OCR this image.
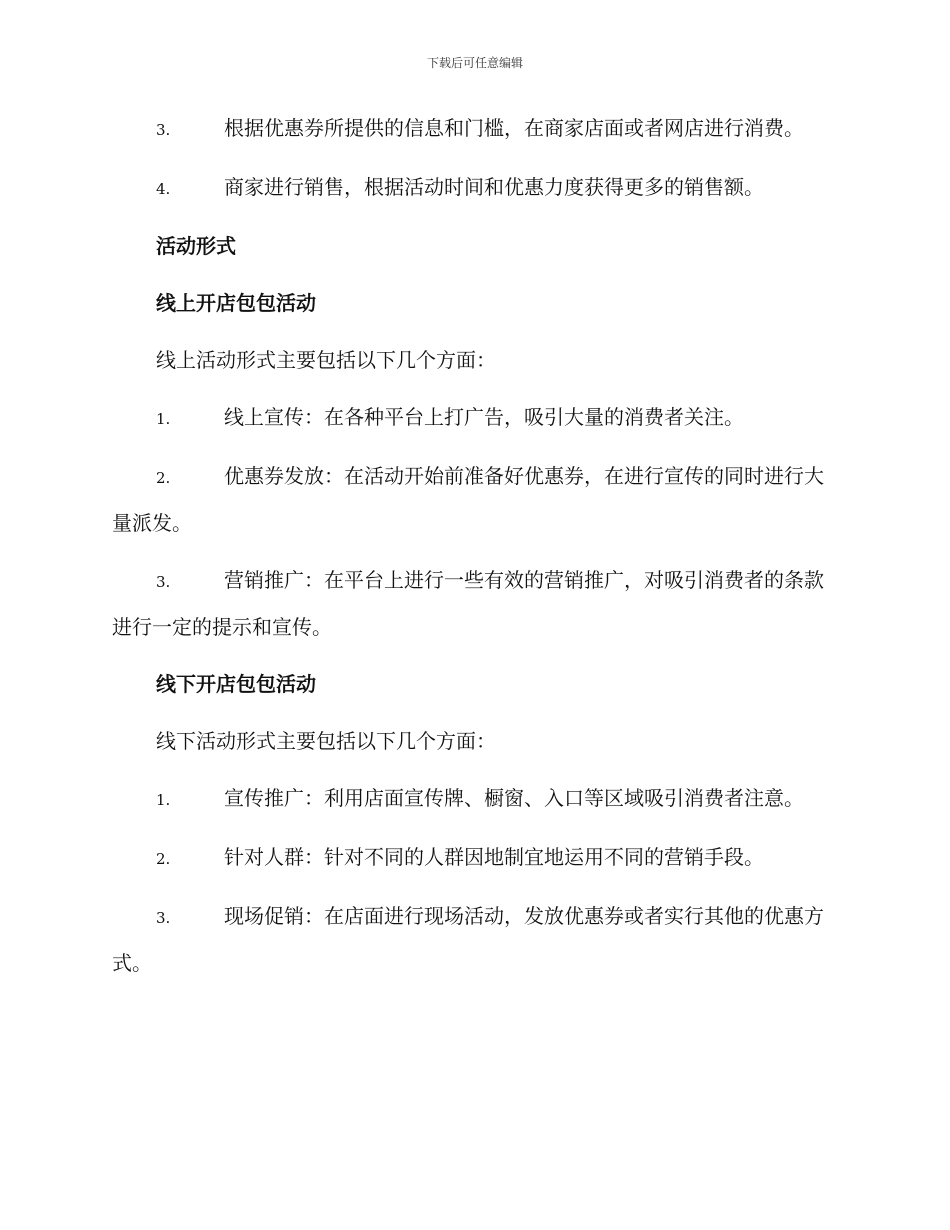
下载后可任意编辑

3.	根据优惠券所提供的信息和门槛，在商家店面或者网店进行消费。

4.	商家进行销售，根据活动时间和优惠力度获得更多的销售额。

活动形式

线上开店包包活动

线上活动形式主要包括以下几个方面：

1.	线上宣传：在各种平台上打广告，吸引大量的消费者关注。

2.	优惠券发放：在活动开始前准备好优惠券，在进行宣传的同时进行大量派发。

3.	营销推广：在平台上进行一些有效的营销推广，对吸引消费者的条款进行一定的提示和宣传。

线下开店包包活动

线下活动形式主要包括以下几个方面：

1.	宣传推广：利用店面宣传牌、橱窗、入口等区域吸引消费者注意。

2.	针对人群：针对不同的人群因地制宜地运用不同的营销手段。

3.	现场促销：在店面进行现场活动，发放优惠券或者实行其他的优惠方式。
